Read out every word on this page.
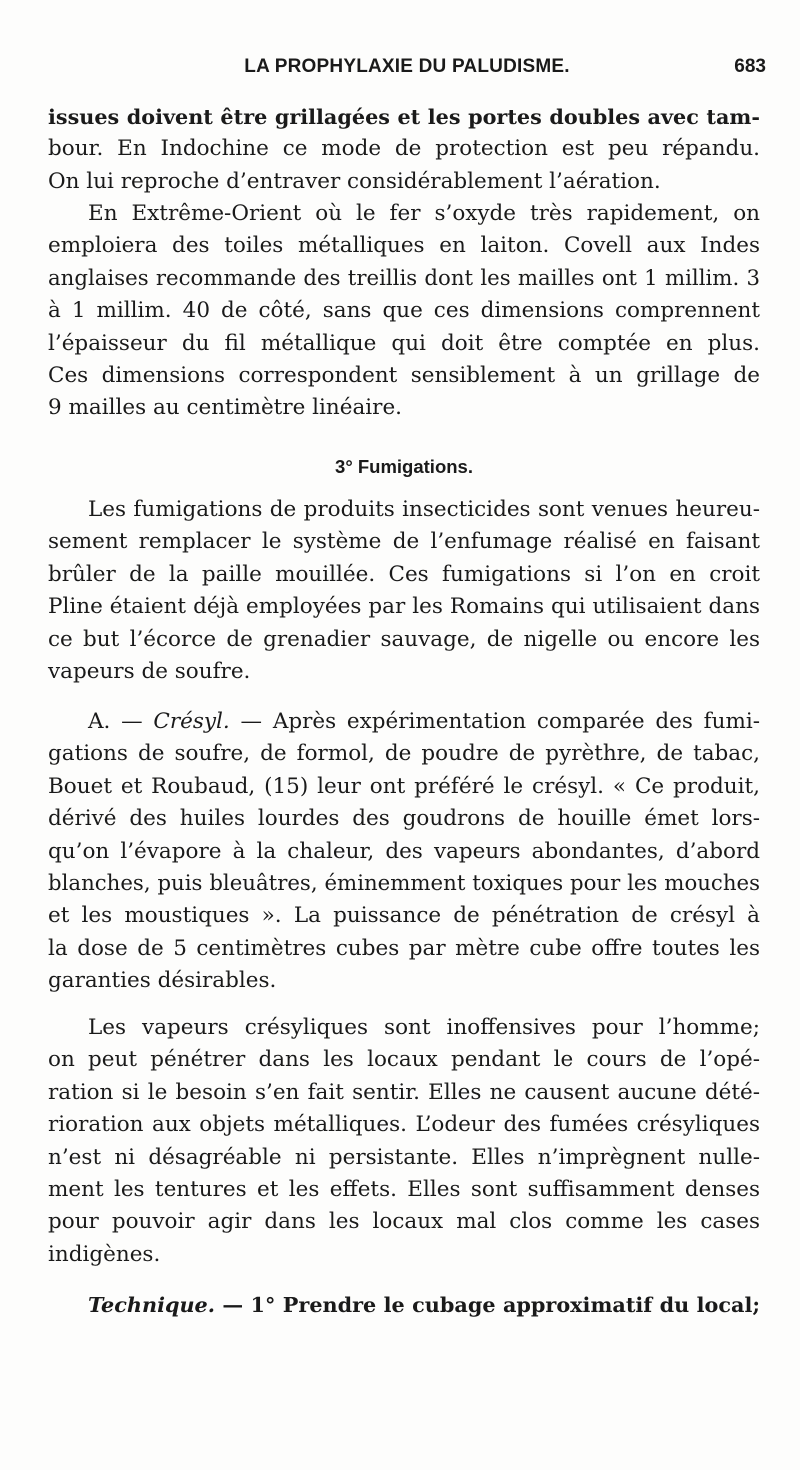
LA PROPHYLAXIE DU PALUDISME.	683
issues doivent être grillagées et les portes doubles avec tam-
bour. En Indochine ce mode de protection est peu répandu.
On lui reproche d’entraver considérablement l’aération.
En Extrême-Orient où le fer s’oxyde très rapidement, on
emploiera des toiles métalliques en laiton. Covell aux Indes
anglaises recommande des treillis dont les mailles ont 1 millim. 3
à 1 millim. 40 de côté, sans que ces dimensions comprennent
l’épaisseur du fil métallique qui doit être comptée en plus.
Ces dimensions correspondent sensiblement à un grillage de
9 mailles au centimètre linéaire.
3° Fumigations.
Les fumigations de produits insecticides sont venues heureu-
sement remplacer le système de l’enfumage réalisé en faisant
brûler de la paille mouillée. Ces fumigations si l’on en croit
Pline étaient déjà employées par les Romains qui utilisaient dans
ce but l’écorce de grenadier sauvage, de nigelle ou encore les
vapeurs de soufre.
A. — Crésyl. — Après expérimentation comparée des fumi-
gations de soufre, de formol, de poudre de pyrèthre, de tabac,
Bouet et Roubaud, (15) leur ont préféré le crésyl. « Ce produit,
dérivé des huiles lourdes des goudrons de houille émet lors-
qu’on l’évapore à la chaleur, des vapeurs abondantes, d’abord
blanches, puis bleuâtres, éminemment toxiques pour les mouches
et les moustiques ». La puissance de pénétration de crésyl à
la dose de 5 centimètres cubes par mètre cube offre toutes les
garanties désirables.
Les vapeurs crésyliques sont inoffensives pour l’homme;
on peut pénétrer dans les locaux pendant le cours de l’opé-
ration si le besoin s’en fait sentir. Elles ne causent aucune dété-
rioration aux objets métalliques. L’odeur des fumées crésyliques
n’est ni désagréable ni persistante. Elles n’imprègnent nulle-
ment les tentures et les effets. Elles sont suffisamment denses
pour pouvoir agir dans les locaux mal clos comme les cases
indigènes.
Technique. — 1° Prendre le cubage approximatif du local;
